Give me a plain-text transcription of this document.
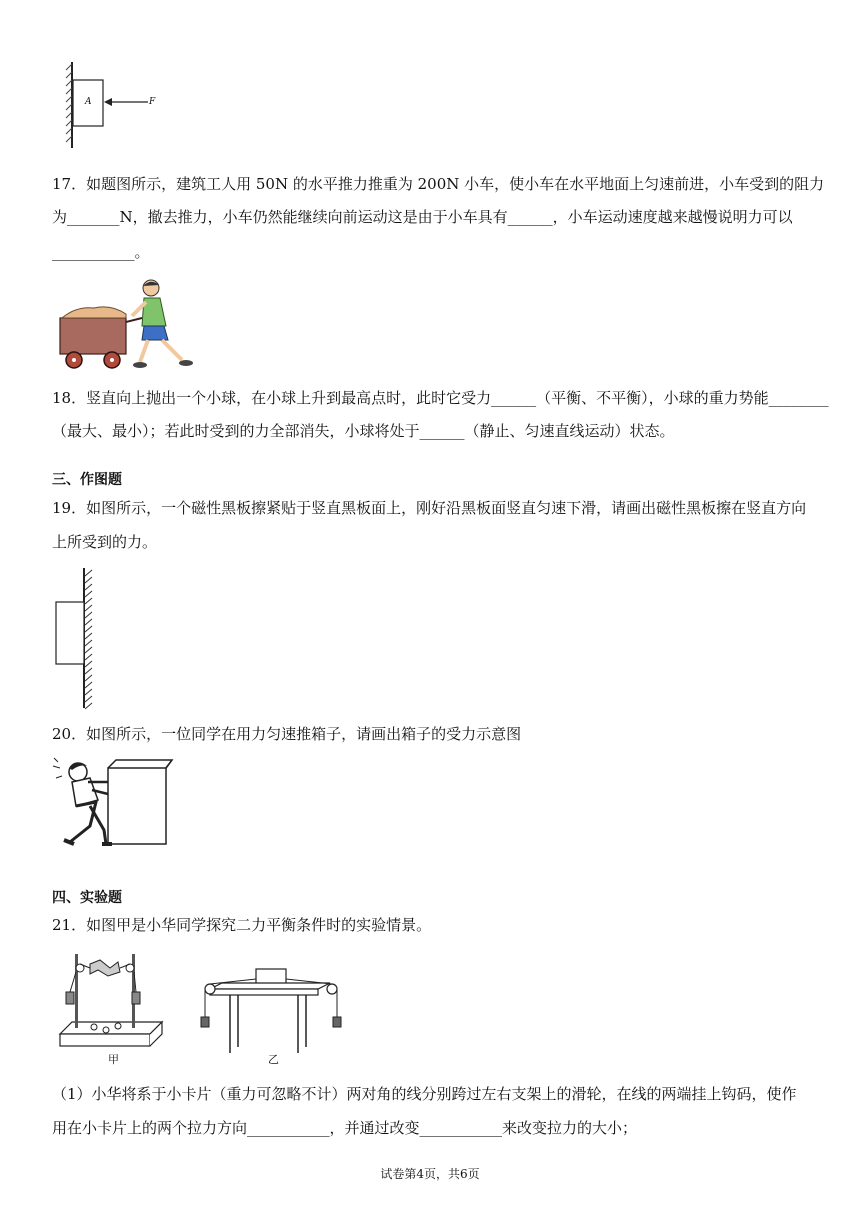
A	F
17．如题图所示，建筑工人用 50N 的水平推力推重为 200N 小车，使小车在水平地面上匀速前进，小车受到的阻力
为_______N，撤去推力，小车仍然能继续向前运动这是由于小车具有______，小车运动速度越来越慢说明力可以
___________。
18．竖直向上抛出一个小球，在小球上升到最高点时，此时它受力______（平衡、不平衡），小球的重力势能________
（最大、最小）；若此时受到的力全部消失，小球将处于______（静止、匀速直线运动）状态。
三、作图题
19．如图所示，一个磁性黑板擦紧贴于竖直黑板面上，刚好沿黑板面竖直匀速下滑，请画出磁性黑板擦在竖直方向
上所受到的力。
20．如图所示，一位同学在用力匀速推箱子，请画出箱子的受力示意图
四、实验题
21．如图甲是小华同学探究二力平衡条件时的实验情景。
甲	乙
（1）小华将系于小卡片（重力可忽略不计）两对角的线分别跨过左右支架上的滑轮，在线的两端挂上钩码，使作
用在小卡片上的两个拉力方向___________，并通过改变___________来改变拉力的大小；
试卷第4页，共6页
